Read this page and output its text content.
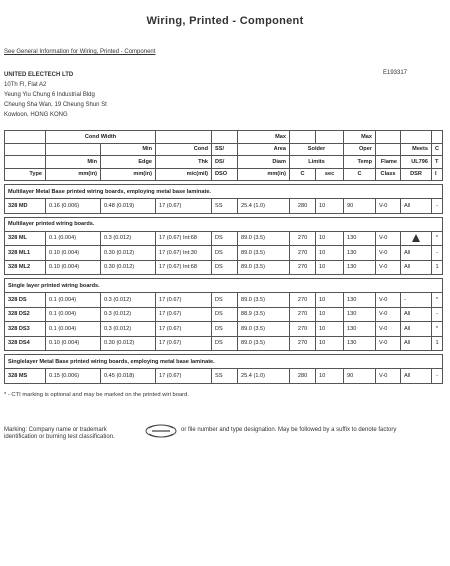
Wiring, Printed - Component
See General Information for Wiring, Printed - Component
UNITED ELECTECH LTD
10Th Fl, Flat A2
Yeung Yiu Chung 6 Industrial Bldg
Cheung Sha Wan, 19 Cheung Shun St
Kowloon, HONG KONG
E193317
	Cond Width				Max			Max			
		Min	Cond	SS/	Area	Solder		Oper		Meets	C
	Min	Edge	Thk	DS/	Diam	Limits		Temp	Flame	UL796	T
Type	mm(in)	mm(in)	mic(mil)	DSO	mm(in)	C	sec	C	Class	DSR	I

Multilayer Metal Base printed wiring boards, employing metal base laminate.											
328 MD	0.16 (0.006)	0.48 (0.019)	17 (0.67)	SS	25.4 (1.0)	280	10	90	V-0	All	-

Multilayer printed wiring boards.											
328 ML	0.1 (0.004)	0.3 (0.012)	17 (0.67) Int:68	DS	89.0 (3.5)	270	10	130	V-0		*
328 ML1	0.10 (0.004)	0.30 (0.012)	17 (0.67) Int:30	DS	89.0 (3.5)	270	10	130	V-0	All	-
328 ML2	0.10 (0.004)	0.30 (0.012)	17 (0.67) Int:68	DS	89.0 (3.5)	270	10	130	V-0	All	1

Single layer printed wiring boards.											
328 DS	0.1 (0.004)	0.3 (0.012)	17 (0.67)	DS	89.0 (3.5)	270	10	130	V-0	-	*
328 DS2	0.1 (0.004)	0.3 (0.012)	17 (0.67)	DS	88.9 (3.5)	270	10	130	V-0	All	-
328 DS3	0.1 (0.004)	0.3 (0.012)	17 (0.67)	DS	89.0 (3.5)	270	10	130	V-0	All	*
328 DS4	0.10 (0.004)	0.30 (0.012)	17 (0.67)	DS	89.0 (3.5)	270	10	130	V-0	All	1

Singlelayer Metal Base printed wiring boards, employing metal base laminate.											
328 MS	0.15 (0.006)	0.45 (0.018)	17 (0.67)	SS	25.4 (1.0)	280	10	90	V-0	All	-
* - CTI marking is optional and may be marked on the printed wiri board.
Marking: Company name or trademark	or file number and type designation. May be followed by a suffix to denote factory
identification or burning test classification.
